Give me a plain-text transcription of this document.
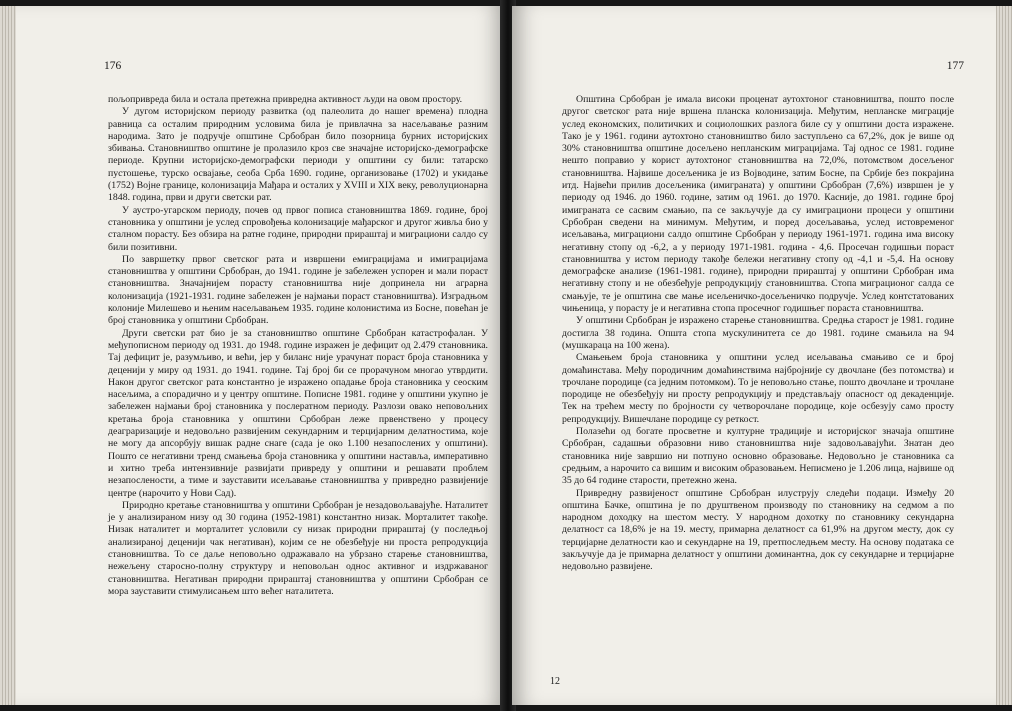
176

пољопривреда била и остала претежна привредна активност људи на овом простору.

У дугом историјском периоду развитка (од палеолита до нашег времена) плодна равница са осталим природним условима била је привлачна за насељавање разним народима. Зато је подручје општине Србобран било позорница бурних историјских збивања. Становништво општине је пролазило кроз све значајне историјско-демографске периоде. Крупни историјско-демографски периоди у општини су били: татарско пустошење, турско освајање, сеоба Срба 1690. године, организовање (1702) и укидање (1752) Војне границе, колонизација Мађара и осталих у XVIII и XIX веку, револуционарна 1848. година, први и други светски рат.

У аустро-угарском периоду, почев од првог пописа становништва 1869. године, број становника у општини је услед спровођења колонизације мађарског и другог живља био у сталном порасту. Без обзира на ратне године, природни прираштај и миграциони салдо су били позитивни.

По завршетку првог светског рата и извршени емиграцијама и имиграцијама становништва у општини Србобран, до 1941. године је забележен успорен и мали пораст становништва. Значајнијем порасту становништва није допринела ни аграрна колонизација (1921-1931. године забележен је најмањи пораст становништва). Изградњом колоније Милешево и њеним насељавањем 1935. године колонистима из Босне, повећан је број становника у општини Србобран.

Други светски рат био је за становништво општине Србобран катастрофалан. У међупописном периоду од 1931. до 1948. године изражен је дефицит од 2.479 становника. Тај дефицит је, разумљиво, и већи, јер у биланс није урачунат пораст броја становника у деценији у миру од 1931. до 1941. године. Тај број би се прорачуном многао утврдити. Након другог светског рата константно је изражено опадање броја становника у сеоским насељима, а спорадично и у центру општине. Пописне 1981. године у општини укупно је забележен најмањи број становника у послератном периоду. Разлози овако неповољних кретања броја становника у општини Србобран леже првенствено у процесу деаграризације и недовољно развијеним секундарним и терцијарним делатностима, које не могу да апсорбују вишак радне снаге (сада је око 1.100 незапослених у општини). Пошто се негативни тренд смањења броја становника у општини наставља, императивно и хитно треба интензивније развијати привреду у општини и решавати проблем незапослености, а тиме и зауставити исељавање становништва у привредно развијеније центре (нарочито у Нови Сад).

Природно кретање становништва у општини Србобран је незадовољавајуће. Наталитет је у анализираном низу од 30 година (1952-1981) константно низак. Морталитет такође. Низак наталитет и морталитет условили су низак природни прираштај (у последњој анализираној деценији чак негативан), којим се не обезбеђује ни проста репродукција становништва. То се даље неповољно одражавало на убрзано старење становништва, нежељену старосно-полну структуру и неповољан однос активног и издржаваног становништва. Негативан природни прираштај становништва у општини Србобран се мора зауставити стимулисањем што већег наталитета.

177

Општина Србобран је имала високи проценат аутохтоног становништва, пошто после другог светског рата није вршена планска колонизација. Међутим, непланске миграције услед економских, политичких и социолошких разлога биле су у општини доста изражене. Тако је у 1961. години аутохтоно становништво било заступљено са 67,2%, док је више од 30% становништва општине досељено непланским миграцијама. Тај однос се 1981. године нешто поправио у корист аутохтоног становништва на 72,0%, потомством досељеног становништва. Највише досељеника је из Војводине, затим Босне, па Србије без покрајина итд. Највећи прилив досељеника (имиграната) у општини Србобран (7,6%) извршен је у периоду од 1946. до 1960. године, затим од 1961. до 1970. Касније, до 1981. године број имиграната се сасвим смањио, па се закључује да су имиграциони процеси у општини Србобран сведени на минимум. Међутим, и поред досељавања, услед истовременог исељавања, миграциони салдо општине Србобран у периоду 1961-1971. година има високу негативну стопу од -6,2, а у периоду 1971-1981. година - 4,6. Просечан годишњи пораст становништва у истом периоду такође бележи негативну стопу од -4,1 и -5,4. На основу демографске анализе (1961-1981. године), природни прираштај у општини Србобран има негативну стопу и не обезбеђује репродукцију становништва. Стопа миграционог салда се смањује, те је општина све мање исељеничко-досељеничко подручје. Услед контстатованих чињеница, у порасту је и негативна стопа просечног годишњег пораста становништва.

У општини Србобран је изражено старење становништва. Средња старост је 1981. године достигла 38 година. Општа стопа мускулинитета се до 1981. године смањила на 94 (мушкараца на 100 жена).

Смањењем броја становника у општини услед исељавања смањиво се и број домаћинстава. Међу породичним домаћинствима најбројније су двочлане (без потомства) и трочлане породице (са једним потомком). То је неповољно стање, пошто двочлане и трочлане породице не обезбеђују ни просту репродукцију и представљају опасност од декаденције. Тек на трећем месту по бројности су четворочлане породице, које осбезују само просту репродукцију. Вишечлане породице су реткост.

Полазећи од богате просветне и културне традиције и историјског значаја општине Србобран, садашњи образовни ниво становништва није задовољавајући. Знатан део становника није завршио ни потпуно основно образовање. Недовољно је становника са средњим, а нарочито са вишим и високим образовањем. Неписмено је 1.206 лица, највише од 35 до 64 године старости, претежно жена.

Привредну развијеност општине Србобран илуструју следећи подаци. Између 20 општина Бачке, општина је по друштвеном производу по становнику на седмом а по народном доходку на шестом месту. У народном дохотку по становнику секундарна делатност са 18,6% је на 19. месту, примарна делатност са 61,9% на другом месту, док су терцијарне делатности као и секундарне на 19, претпоследњем месту. На основу податакa се закључује да је примарна делатност у општини доминантна, док су секундарне и терцијарне недовољно развијене.

12
